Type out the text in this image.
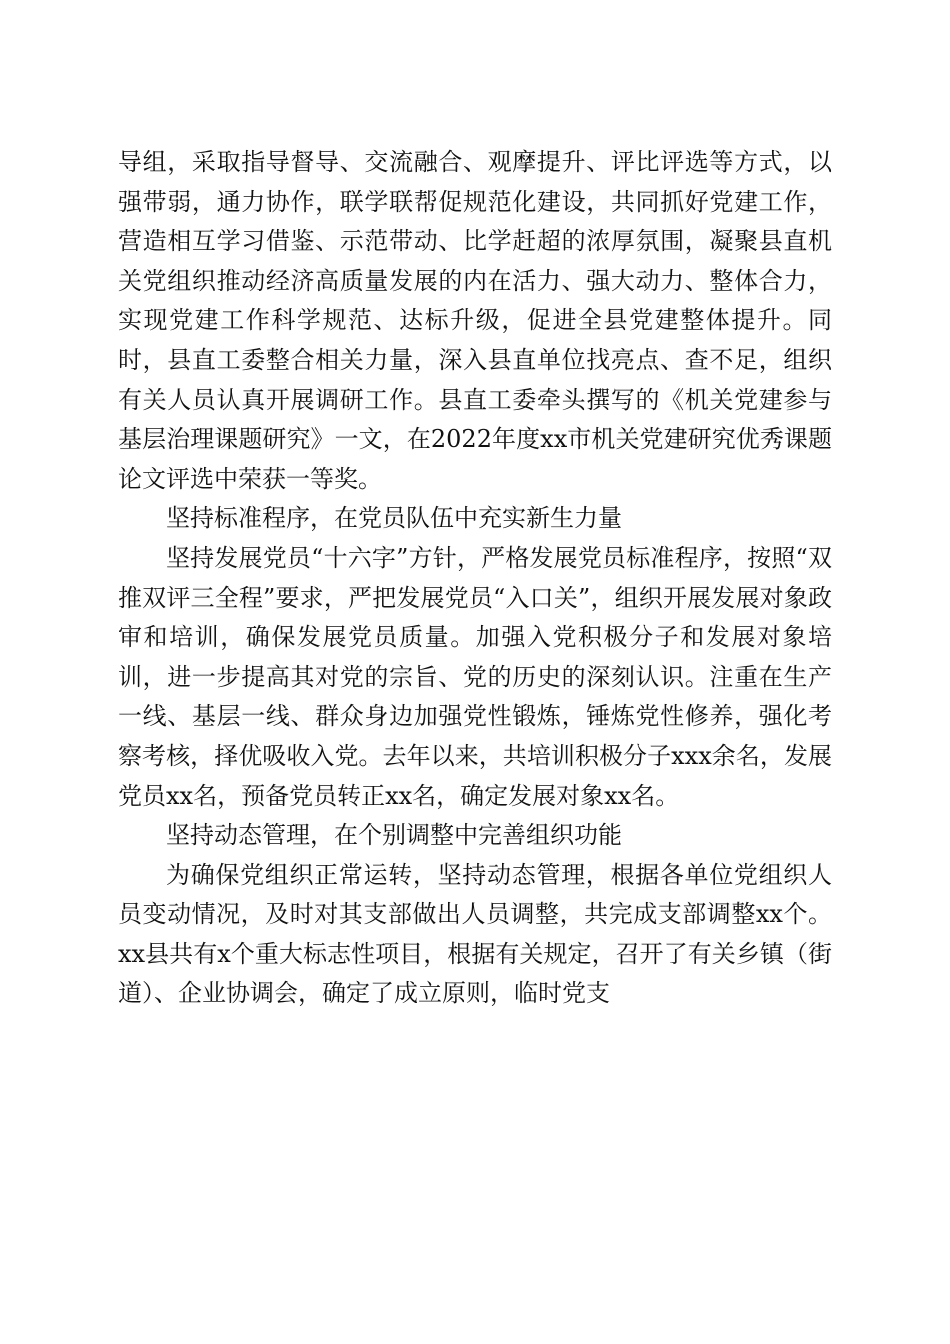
导组，采取指导督导、交流融合、观摩提升、评比评选等方式，以强带弱，通力协作，联学联帮促规范化建设，共同抓好党建工作，营造相互学习借鉴、示范带动、比学赶超的浓厚氛围，凝聚县直机关党组织推动经济高质量发展的内在活力、强大动力、整体合力，实现党建工作科学规范、达标升级，促进全县党建整体提升。同时，县直工委整合相关力量，深入县直单位找亮点、查不足，组织有关人员认真开展调研工作。县直工委牵头撰写的《机关党建参与基层治理课题研究》一文，在2022年度xx市机关党建研究优秀课题论文评选中荣获一等奖。

坚持标准程序，在党员队伍中充实新生力量

坚持发展党员“十六字”方针，严格发展党员标准程序，按照“双推双评三全程”要求，严把发展党员“入口关”，组织开展发展对象政审和培训，确保发展党员质量。加强入党积极分子和发展对象培训，进一步提高其对党的宗旨、党的历史的深刻认识。注重在生产一线、基层一线、群众身边加强党性锻炼，锤炼党性修养，强化考察考核，择优吸收入党。去年以来，共培训积极分子xxx余名，发展党员xx名，预备党员转正xx名，确定发展对象xx名。

坚持动态管理，在个别调整中完善组织功能

为确保党组织正常运转，坚持动态管理，根据各单位党组织人员变动情况，及时对其支部做出人员调整，共完成支部调整xx个。xx县共有x个重大标志性项目，根据有关规定，召开了有关乡镇（街道）、企业协调会，确定了成立原则，临时党支
